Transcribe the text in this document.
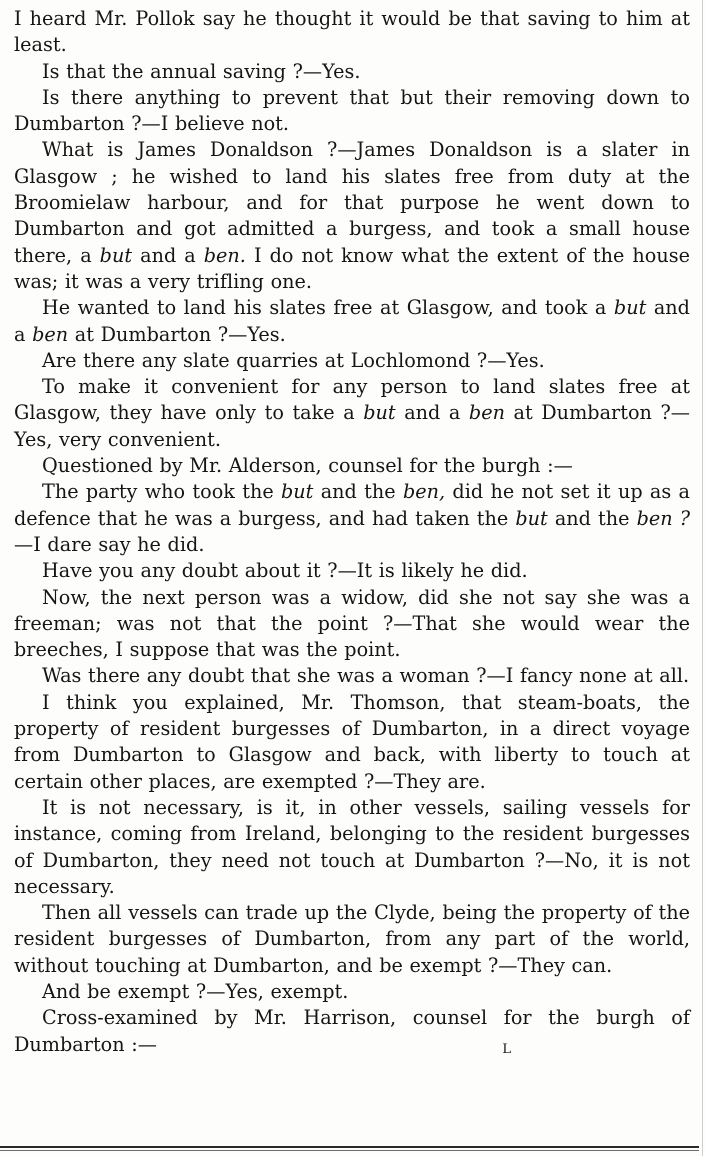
I heard Mr. Pollok say he thought it would be that saving to him at least.

Is that the annual saving ?—Yes.

Is there anything to prevent that but their removing down to Dumbarton ?—I believe not.

What is James Donaldson ?—James Donaldson is a slater in Glasgow ; he wished to land his slates free from duty at the Broomielaw harbour, and for that purpose he went down to Dumbarton and got admitted a burgess, and took a small house there, a but and a ben. I do not know what the extent of the house was; it was a very trifling one.

He wanted to land his slates free at Glasgow, and took a but and a ben at Dumbarton ?—Yes.

Are there any slate quarries at Lochlomond ?—Yes.

To make it convenient for any person to land slates free at Glasgow, they have only to take a but and a ben at Dumbarton ?—Yes, very convenient.

Questioned by Mr. Alderson, counsel for the burgh :—

The party who took the but and the ben, did he not set it up as a defence that he was a burgess, and had taken the but and the ben ?—I dare say he did.

Have you any doubt about it ?—It is likely he did.

Now, the next person was a widow, did she not say she was a freeman; was not that the point ?—That she would wear the breeches, I suppose that was the point.

Was there any doubt that she was a woman ?—I fancy none at all.

I think you explained, Mr. Thomson, that steam-boats, the property of resident burgesses of Dumbarton, in a direct voyage from Dumbarton to Glasgow and back, with liberty to touch at certain other places, are exempted ?—They are.

It is not necessary, is it, in other vessels, sailing vessels for instance, coming from Ireland, belonging to the resident burgesses of Dumbarton, they need not touch at Dumbarton ?—No, it is not necessary.

Then all vessels can trade up the Clyde, being the property of the resident burgesses of Dumbarton, from any part of the world, without touching at Dumbarton, and be exempt ?—They can.

And be exempt ?—Yes, exempt.

Cross-examined by Mr. Harrison, counsel for the burgh of Dumbarton :—	L
